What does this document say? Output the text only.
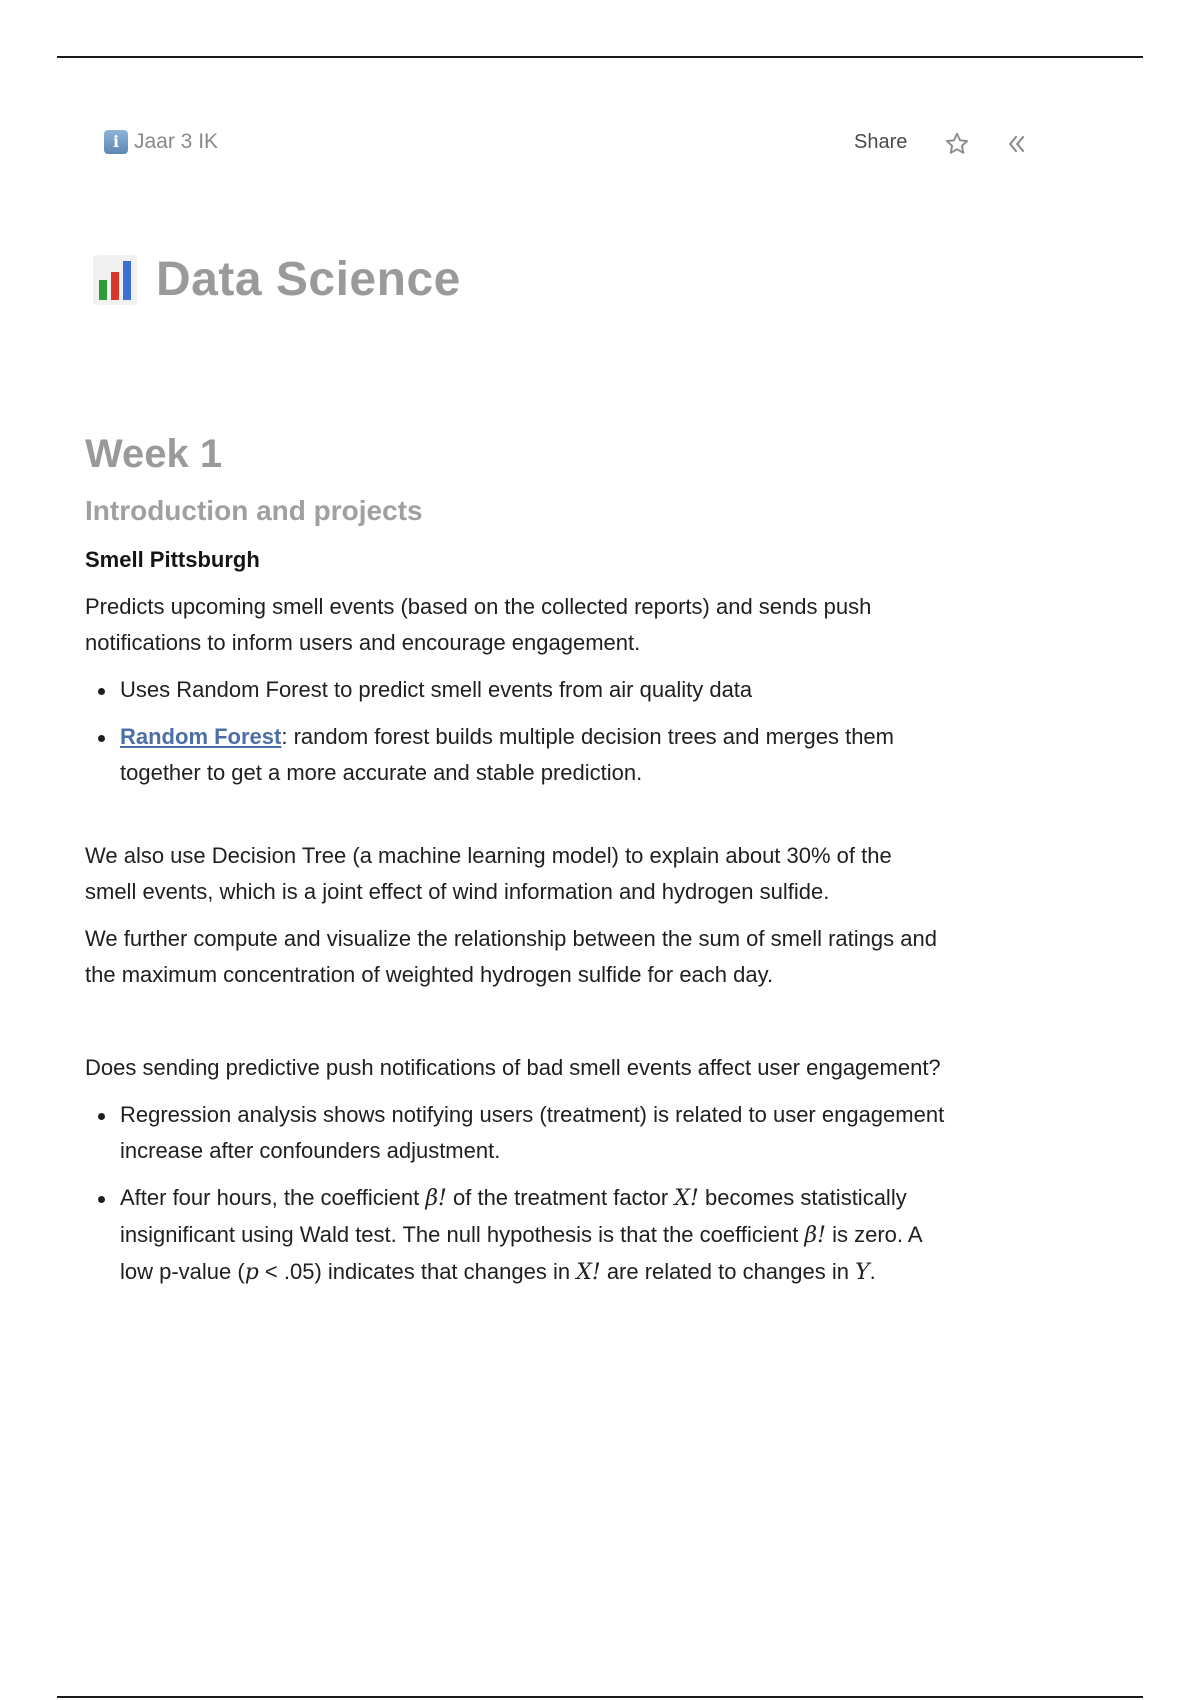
i Jaar 3 IK	Share
Data Science
Week 1
Introduction and projects
Smell Pittsburgh

Predicts upcoming smell events (based on the collected reports) and sends push notifications to inform users and encourage engagement.

Uses Random Forest to predict smell events from air quality data
Random Forest: random forest builds multiple decision trees and merges them together to get a more accurate and stable prediction.

We also use Decision Tree (a machine learning model) to explain about 30% of the smell events, which is a joint effect of wind information and hydrogen sulfide.

We further compute and visualize the relationship between the sum of smell ratings and the maximum concentration of weighted hydrogen sulfide for each day.

Does sending predictive push notifications of bad smell events affect user engagement?

Regression analysis shows notifying users (treatment) is related to user engagement increase after confounders adjustment.
After four hours, the coefficient β! of the treatment factor X! becomes statistically insignificant using Wald test. The null hypothesis is that the coefficient β! is zero. A low p-value (p < .05) indicates that changes in X! are related to changes in Y.
